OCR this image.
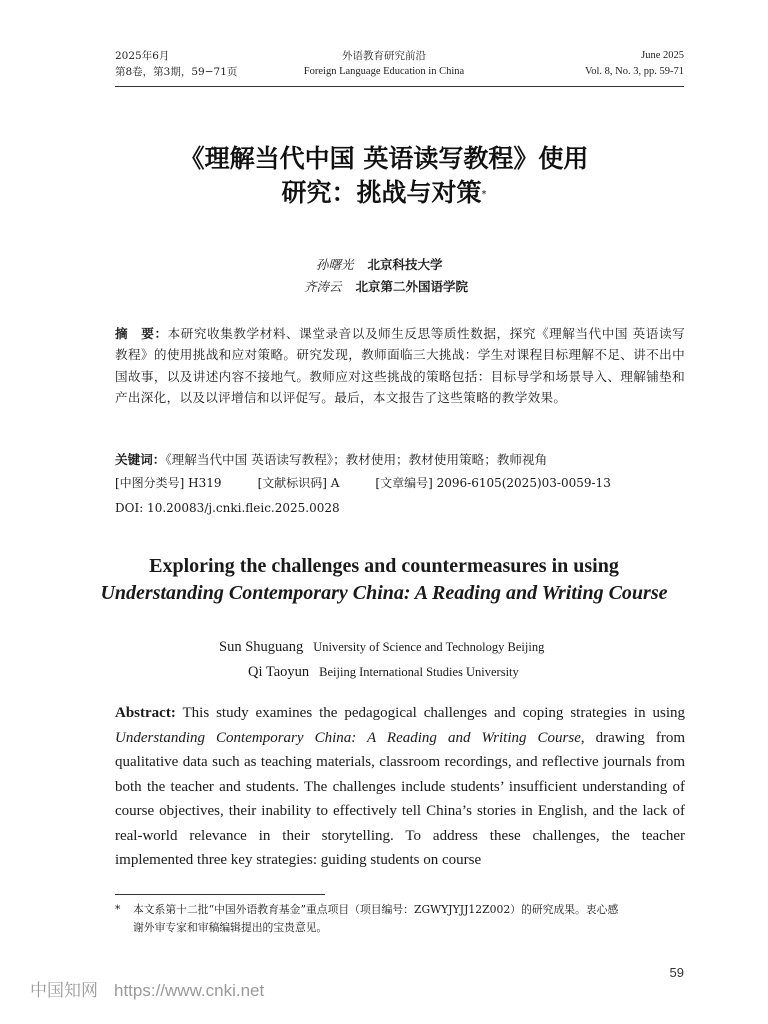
2025年6月
第8卷，第3期，59−71页
外语教育研究前沿
Foreign Language Education in China
June 2025
Vol. 8, No. 3, pp. 59-71
《理解当代中国 英语读写教程》使用
研究：挑战与对策*
孙曙光 北京科技大学
齐涛云 北京第二外国语学院
摘　要：本研究收集教学材料、课堂录音以及师生反思等质性数据，探究《理解当代中国 英语读写教程》的使用挑战和应对策略。研究发现，教师面临三大挑战：学生对课程目标理解不足、讲不出中国故事，以及讲述内容不接地气。教师应对这些挑战的策略包括：目标导学和场景导入、理解铺垫和产出深化，以及以评增信和以评促写。最后，本文报告了这些策略的教学效果。
关键词：《理解当代中国 英语读写教程》；教材使用；教材使用策略；教师视角
[中图分类号] H319	[文献标识码] A	[文章编号] 2096-6105(2025)03-0059-13
DOI: 10.20083/j.cnki.fleic.2025.0028
Exploring the challenges and countermeasures in using
Understanding Contemporary China: A Reading and Writing Course
Sun Shuguang University of Science and Technology Beijing
Qi Taoyun Beijing International Studies University
Abstract: This study examines the pedagogical challenges and coping strategies in using Understanding Contemporary China: A Reading and Writing Course, drawing from qualitative data such as teaching materials, classroom recordings, and reflective journals from both the teacher and students. The challenges include students’ insufficient understanding of course objectives, their inability to effectively tell China’s stories in English, and the lack of real-world relevance in their storytelling. To address these challenges, the teacher implemented three key strategies: guiding students on course
* 本文系第十二批“中国外语教育基金”重点项目（项目编号：ZGWYJYJJ12Z002）的研究成果。衷心感
谢外审专家和审稿编辑提出的宝贵意见。
59
中国知网 https://www.cnki.net
